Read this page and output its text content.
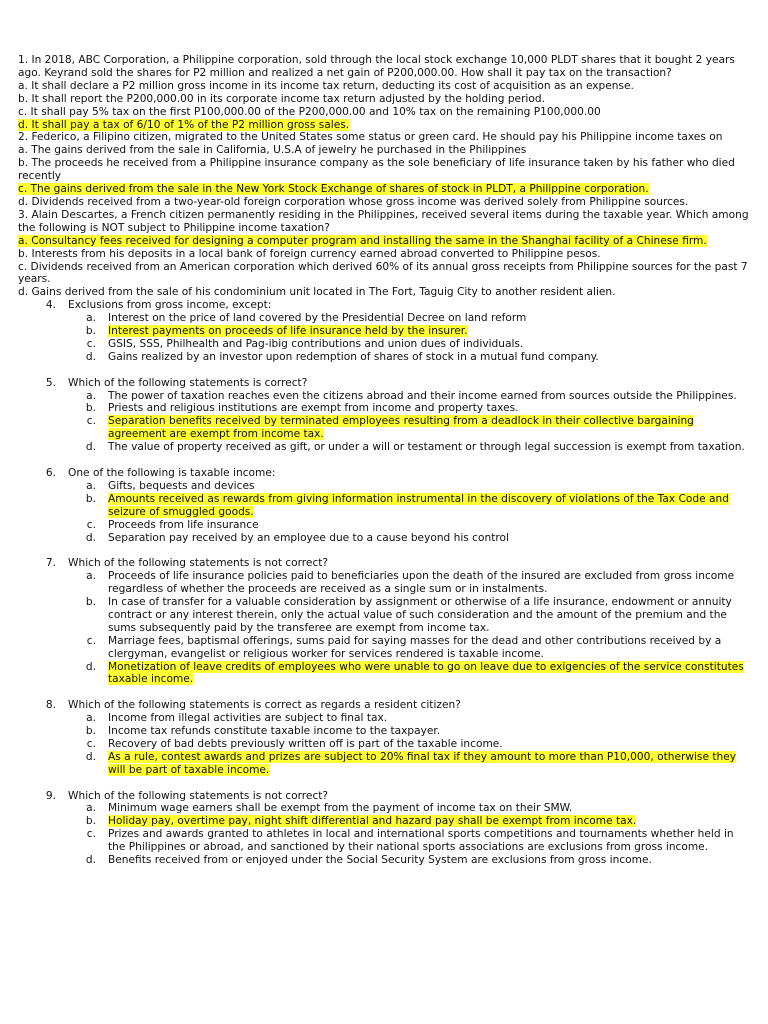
1. In 2018, ABC Corporation, a Philippine corporation, sold through the local stock exchange 10,000 PLDT shares that it bought 2 years ago. Keyrand sold the shares for P2 million and realized a net gain of P200,000.00. How shall it pay tax on the transaction?

a. It shall declare a P2 million gross income in its income tax return, deducting its cost of acquisition as an expense.

b. It shall report the P200,000.00 in its corporate income tax return adjusted by the holding period.

c. It shall pay 5% tax on the first P100,000.00 of the P200,000.00 and 10% tax on the remaining P100,000.00

d. It shall pay a tax of 6/10 of 1% of the P2 million gross sales.

2. Federico, a Filipino citizen, migrated to the United States some status or green card. He should pay his Philippine income taxes on

a. The gains derived from the sale in California, U.S.A of jewelry he purchased in the Philippines

b. The proceeds he received from a Philippine insurance company as the sole beneficiary of life insurance taken by his father who died recently

c. The gains derived from the sale in the New York Stock Exchange of shares of stock in PLDT, a Philippine corporation.

d. Dividends received from a two-year-old foreign corporation whose gross income was derived solely from Philippine sources.

3. Alain Descartes, a French citizen permanently residing in the Philippines, received several items during the taxable year. Which among the following is NOT subject to Philippine income taxation?

a. Consultancy fees received for designing a computer program and installing the same in the Shanghai facility of a Chinese firm.

b. Interests from his deposits in a local bank of foreign currency earned abroad converted to Philippine pesos.

c. Dividends received from an American corporation which derived 60% of its annual gross receipts from Philippine sources for the past 7 years.

d. Gains derived from the sale of his condominium unit located in The Fort, Taguig City to another resident alien.

4.	Exclusions from gross income, except:
a.	Interest on the price of land covered by the Presidential Decree on land reform
b.	Interest payments on proceeds of life insurance held by the insurer.
c.	GSIS, SSS, Philhealth and Pag-ibig contributions and union dues of individuals.
d.	Gains realized by an investor upon redemption of shares of stock in a mutual fund company.
5.	Which of the following statements is correct?
a.	The power of taxation reaches even the citizens abroad and their income earned from sources outside the Philippines.
b.	Priests and religious institutions are exempt from income and property taxes.
c.	Separation benefits received by terminated employees resulting from a deadlock in their collective bargaining agreement are exempt from income tax.
d.	The value of property received as gift, or under a will or testament or through legal succession is exempt from taxation.
6.	One of the following is taxable income:
a.	Gifts, bequests and devices
b.	Amounts received as rewards from giving information instrumental in the discovery of violations of the Tax Code and seizure of smuggled goods.
c.	Proceeds from life insurance
d.	Separation pay received by an employee due to a cause beyond his control
7.	Which of the following statements is not correct?
a.	Proceeds of life insurance policies paid to beneficiaries upon the death of the insured are excluded from gross income regardless of whether the proceeds are received as a single sum or in instalments.
b.	In case of transfer for a valuable consideration by assignment or otherwise of a life insurance, endowment or annuity contract or any interest therein, only the actual value of such consideration and the amount of the premium and the sums subsequently paid by the transferee are exempt from income tax.
c.	Marriage fees, baptismal offerings, sums paid for saying masses for the dead and other contributions received by a clergyman, evangelist or religious worker for services rendered is taxable income.
d.	Monetization of leave credits of employees who were unable to go on leave due to exigencies of the service constitutes taxable income.
8.	Which of the following statements is correct as regards a resident citizen?
a.	Income from illegal activities are subject to final tax.
b.	Income tax refunds constitute taxable income to the taxpayer.
c.	Recovery of bad debts previously written off is part of the taxable income.
d.	As a rule, contest awards and prizes are subject to 20% final tax if they amount to more than P10,000, otherwise they will be part of taxable income.
9.	Which of the following statements is not correct?
a.	Minimum wage earners shall be exempt from the payment of income tax on their SMW.
b.	Holiday pay, overtime pay, night shift differential and hazard pay shall be exempt from income tax.
c.	Prizes and awards granted to athletes in local and international sports competitions and tournaments whether held in the Philippines or abroad, and sanctioned by their national sports associations are exclusions from gross income.
d.	Benefits received from or enjoyed under the Social Security System are exclusions from gross income.
